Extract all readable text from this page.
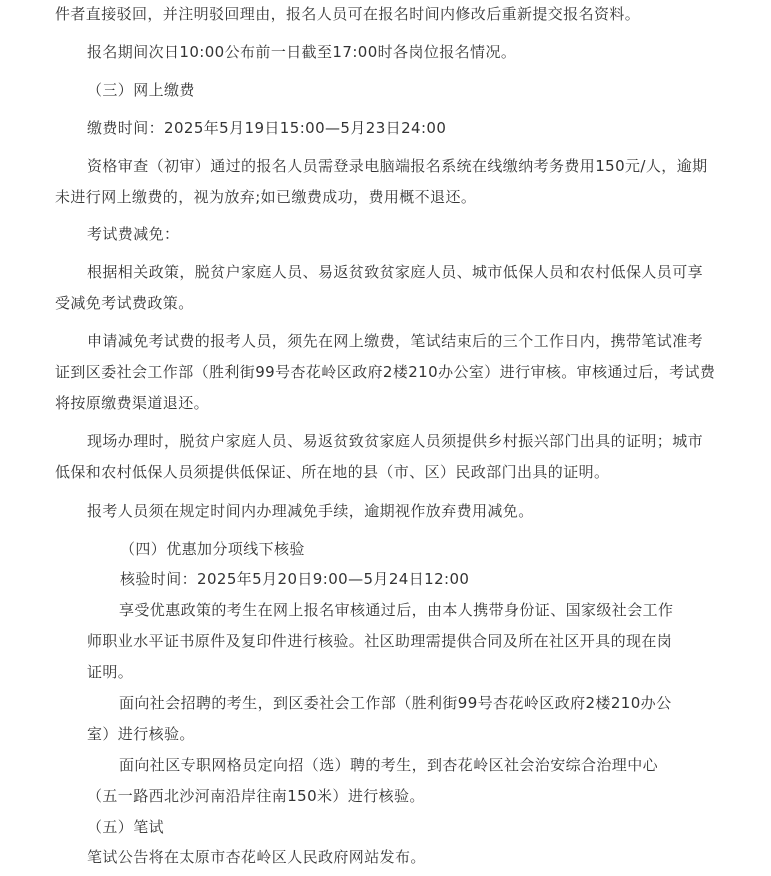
件者直接驳回，并注明驳回理由，报名人员可在报名时间内修改后重新提交报名资料。

报名期间次日10:00公布前一日截至17:00时各岗位报名情况。

（三）网上缴费

缴费时间：2025年5月19日15:00—5月23日24:00

资格审查（初审）通过的报名人员需登录电脑端报名系统在线缴纳考务费用150元/人，逾期
未进行网上缴费的，视为放弃;如已缴费成功，费用概不退还。

考试费减免：

根据相关政策，脱贫户家庭人员、易返贫致贫家庭人员、城市低保人员和农村低保人员可享
受减免考试费政策。

申请减免考试费的报考人员，须先在网上缴费，笔试结束后的三个工作日内，携带笔试准考
证到区委社会工作部（胜利街99号杏花岭区政府2楼210办公室）进行审核。审核通过后，考试费
将按原缴费渠道退还。

现场办理时，脱贫户家庭人员、易返贫致贫家庭人员须提供乡村振兴部门出具的证明；城市
低保和农村低保人员须提供低保证、所在地的县（市、区）民政部门出具的证明。

报考人员须在规定时间内办理减免手续，逾期视作放弃费用减免。

（四）优惠加分项线下核验

核验时间：2025年5月20日9:00—5月24日12:00

享受优惠政策的考生在网上报名审核通过后，由本人携带身份证、国家级社会工作
师职业水平证书原件及复印件进行核验。社区助理需提供合同及所在社区开具的现在岗
证明。

面向社会招聘的考生，到区委社会工作部（胜利街99号杏花岭区政府2楼210办公
室）进行核验。

面向社区专职网格员定向招（选）聘的考生，到杏花岭区社会治安综合治理中心
（五一路西北沙河南沿岸往南150米）进行核验。

（五）笔试

笔试公告将在太原市杏花岭区人民政府网站发布。
